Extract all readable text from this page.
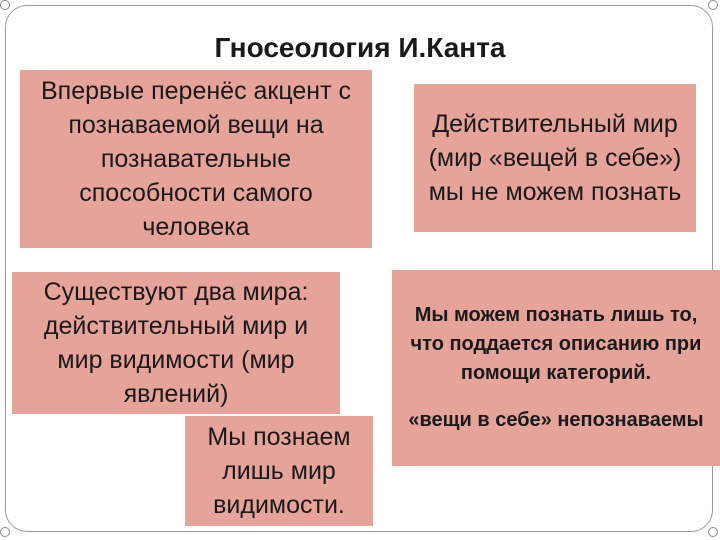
Гносеология И.Канта
Впервые перенёс акцент с познаваемой вещи на познавательные способности самого человека
Действительный мир (мир «вещей в себе») мы не можем познать
Существуют два мира: действительный мир и мир видимости (мир явлений)
Мы познаем лишь мир видимости.

Мы можем познать лишь то, что поддается описанию при помощи категорий.

«вещи в себе» непознаваемы
